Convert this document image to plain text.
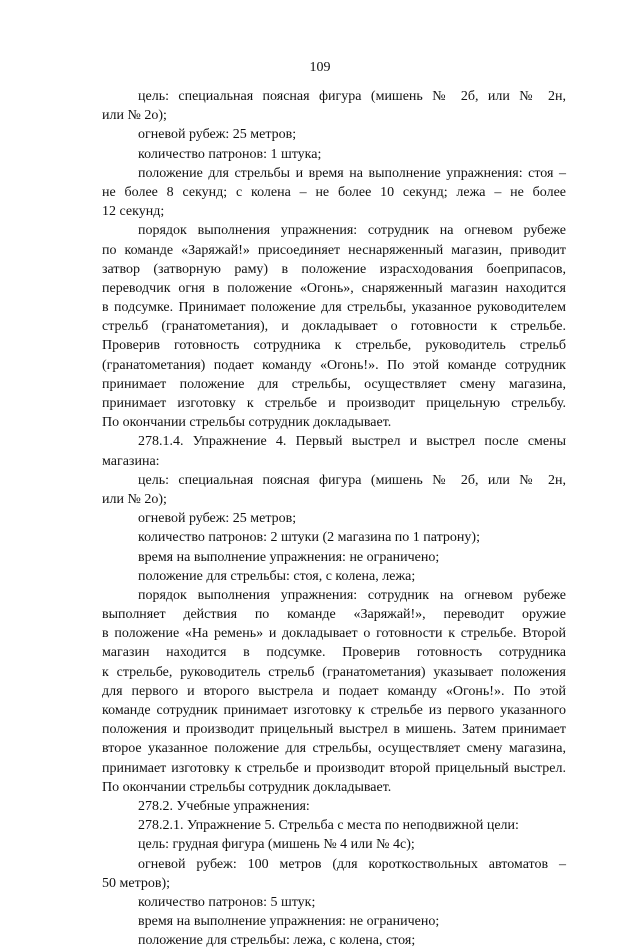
109
цель: специальная поясная фигура (мишень № 2б, или № 2н,
или № 2о);
огневой рубеж: 25 метров;
количество патронов: 1 штука;
положение для стрельбы и время на выполнение упражнения: стоя –
не более 8 секунд; с колена – не более 10 секунд; лежа – не более
12 секунд;
порядок выполнения упражнения: сотрудник на огневом рубеже
по команде «Заряжай!» присоединяет неснаряженный магазин, приводит
затвор (затворную раму) в положение израсходования боеприпасов,
переводчик огня в положение «Огонь», снаряженный магазин находится
в подсумке. Принимает положение для стрельбы, указанное руководителем
стрельб (гранатометания), и докладывает о готовности к стрельбе.
Проверив готовность сотрудника к стрельбе, руководитель стрельб
(гранатометания) подает команду «Огонь!». По этой команде сотрудник
принимает положение для стрельбы, осуществляет смену магазина,
принимает изготовку к стрельбе и производит прицельную стрельбу.
По окончании стрельбы сотрудник докладывает.
278.1.4. Упражнение 4. Первый выстрел и выстрел после смены
магазина:
цель: специальная поясная фигура (мишень № 2б, или № 2н,
или № 2о);
огневой рубеж: 25 метров;
количество патронов: 2 штуки (2 магазина по 1 патрону);
время на выполнение упражнения: не ограничено;
положение для стрельбы: стоя, с колена, лежа;
порядок выполнения упражнения: сотрудник на огневом рубеже
выполняет действия по команде «Заряжай!», переводит оружие
в положение «На ремень» и докладывает о готовности к стрельбе. Второй
магазин находится в подсумке. Проверив готовность сотрудника
к стрельбе, руководитель стрельб (гранатометания) указывает положения
для первого и второго выстрела и подает команду «Огонь!». По этой
команде сотрудник принимает изготовку к стрельбе из первого указанного
положения и производит прицельный выстрел в мишень. Затем принимает
второе указанное положение для стрельбы, осуществляет смену магазина,
принимает изготовку к стрельбе и производит второй прицельный выстрел.
По окончании стрельбы сотрудник докладывает.
278.2. Учебные упражнения:
278.2.1. Упражнение 5. Стрельба с места по неподвижной цели:
цель: грудная фигура (мишень № 4 или № 4с);
огневой рубеж: 100 метров (для короткоствольных автоматов –
50 метров);
количество патронов: 5 штук;
время на выполнение упражнения: не ограничено;
положение для стрельбы: лежа, с колена, стоя;
